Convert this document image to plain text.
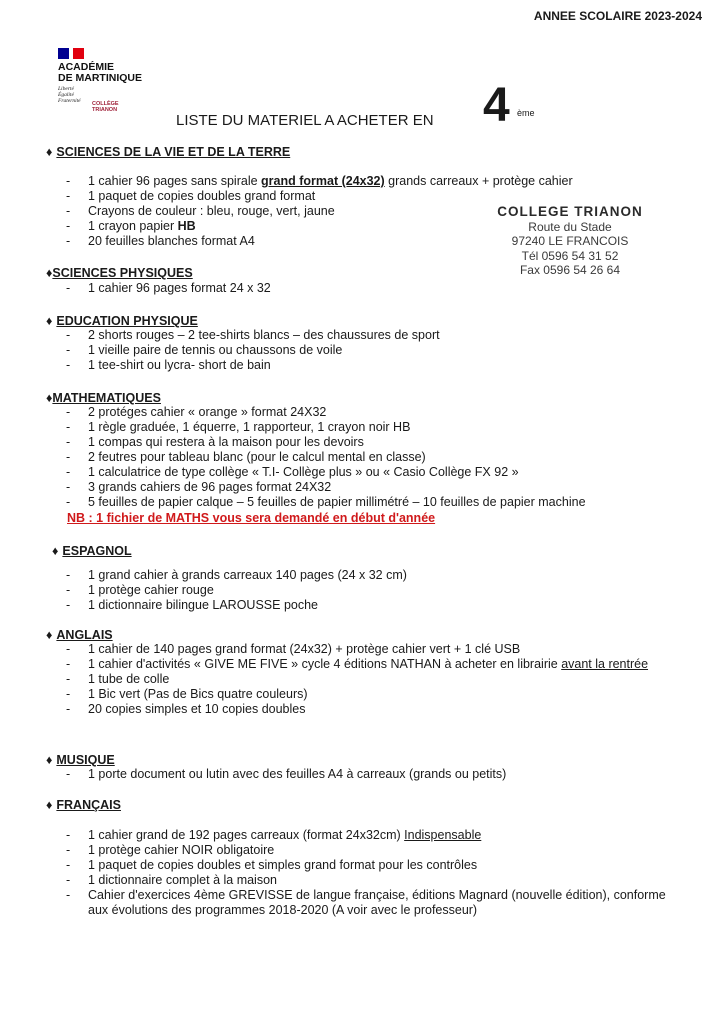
ANNEE SCOLAIRE 2023-2024
ACADÉMIE
DE MARTINIQUE
Liberté
Égalité
Fraternité	COLLÈGE TRIANON
LISTE DU MATERIEL A ACHETER EN 4 ème
COLLEGE TRIANON
Route du Stade
97240 LE FRANCOIS
Tél 0596 54 31 52
Fax 0596 54 26 64
♦ SCIENCES DE LA VIE ET DE LA TERRE
- 1 cahier 96 pages sans spirale grand format (24x32) grands carreaux + protège cahier
- 1 paquet de copies doubles grand format
- Crayons de couleur : bleu, rouge, vert, jaune
- 1 crayon papier HB
- 20 feuilles blanches format A4
♦SCIENCES PHYSIQUES
- 1 cahier 96 pages format 24 x 32
♦ EDUCATION PHYSIQUE
- 2 shorts rouges – 2 tee-shirts blancs – des chaussures de sport
- 1 vieille paire de tennis ou chaussons de voile
- 1 tee-shirt ou lycra- short de bain
♦MATHEMATIQUES
- 2 protéges cahier « orange » format 24X32
- 1 règle graduée, 1 équerre, 1 rapporteur, 1 crayon noir HB
- 1 compas qui restera à la maison pour les devoirs
- 2 feutres pour tableau blanc (pour le calcul mental en classe)
- 1 calculatrice de type collège « T.I- Collège plus » ou « Casio Collège FX 92 »
- 3 grands cahiers de 96 pages format 24X32
- 5 feuilles de papier calque – 5 feuilles de papier millimétré – 10 feuilles de papier machine
NB : 1 fichier de MATHS vous sera demandé en début d'année
♦ ESPAGNOL
- 1 grand cahier à grands carreaux 140 pages (24 x 32 cm)
- 1 protège cahier rouge
- 1 dictionnaire bilingue LAROUSSE poche
♦ ANGLAIS
- 1 cahier de 140 pages grand format (24x32) + protège cahier vert + 1 clé USB
- 1 cahier d'activités « GIVE ME FIVE » cycle 4 éditions NATHAN à acheter en librairie avant la rentrée
- 1 tube de colle
- 1 Bic vert (Pas de Bics quatre couleurs)
- 20 copies simples et 10 copies doubles
♦ MUSIQUE
- 1 porte document ou lutin avec des feuilles A4 à carreaux (grands ou petits)
♦ FRANÇAIS
- 1 cahier grand de 192 pages carreaux (format 24x32cm) Indispensable
- 1 protège cahier NOIR obligatoire
- 1 paquet de copies doubles et simples grand format pour les contrôles
- 1 dictionnaire complet à la maison
- Cahier d'exercices 4ème GREVISSE de langue française, éditions Magnard (nouvelle édition), conforme aux évolutions des programmes 2018-2020 (A voir avec le professeur)
